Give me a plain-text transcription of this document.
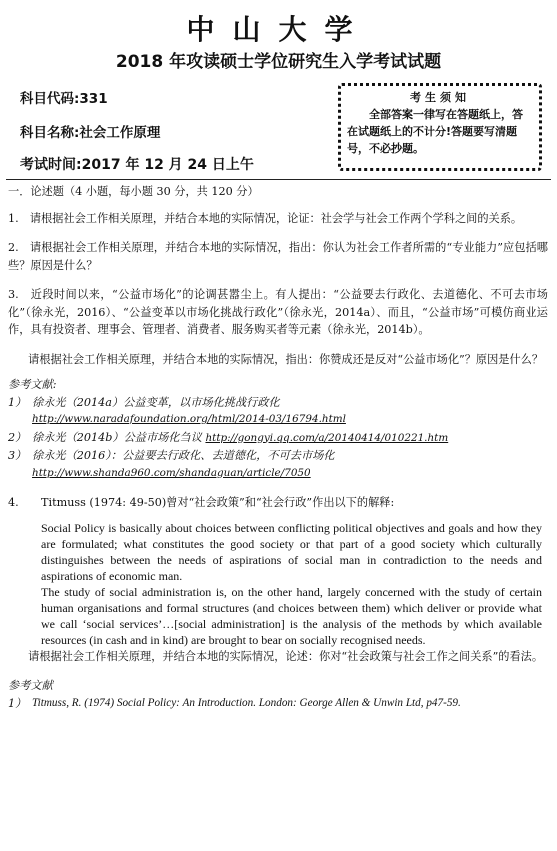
中山大学
2018 年攻读硕士学位研究生入学考试试题
科目代码:331
科目名称:社会工作原理
考试时间:2017 年 12 月 24 日上午
考生须知
全部答案一律写在答题纸上，答在试题纸上的不计分!答题要写清题号，不必抄题。

一．论述题（4 小题，每小题 30 分，共 120 分）

1.　请根据社会工作相关原理，并结合本地的实际情况，论证：社会学与社会工作两个学科之间的关系。

2.　请根据社会工作相关原理，并结合本地的实际情况，指出：你认为社会工作者所需的“专业能力”应包括哪些？原因是什么？

3.　近段时间以来，“公益市场化”的论调甚嚣尘上。有人提出：“公益要去行政化、去道德化、不可去市场化”（徐永光，2016）、“公益变革以市场化挑战行政化”（徐永光，2014a）、而且，“公益市场”可模仿商业运作，具有投资者、理事会、管理者、消费者、服务购买者等元素（徐永光，2014b）。

请根据社会工作相关原理，并结合本地的实际情况，指出：你赞成还是反对“公益市场化”？原因是什么？

参考文献:

1） 徐永光（2014a）公益变革，以市场化挑战行政化
http://www.naradafoundation.org/html/2014-03/16794.html
2） 徐永光（2014b）公益市场化刍议 http://gongyi.qq.com/a/20140414/010221.htm
3） 徐永光（2016）：公益要去行政化、去道德化，不可去市场化
http://www.shanda960.com/shandaguan/article/7050

4.　　Titmuss (1974: 49-50)曾对“社会政策”和“社会行政”作出以下的解释:

Social Policy is basically about choices between conflicting political objectives and goals and how they are formulated; what constitutes the good society or that part of a good society which culturally distinguishes between the needs of aspirations of social man in contradiction to the needs and aspirations of economic man.

The study of social administration is, on the other hand, largely concerned with the study of certain human organisations and formal structures (and choices between them) which deliver or provide what we call ‘social services’…[social administration] is the analysis of the methods by which available resources (in cash and in kind) are brought to bear on socially recognised needs.

请根据社会工作相关原理，并结合本地的实际情况，论述：你对“社会政策与社会工作之间关系”的看法。

参考文献

1） Titmuss, R. (1974) Social Policy: An Introduction. London: George Allen & Unwin Ltd, p47-59.
